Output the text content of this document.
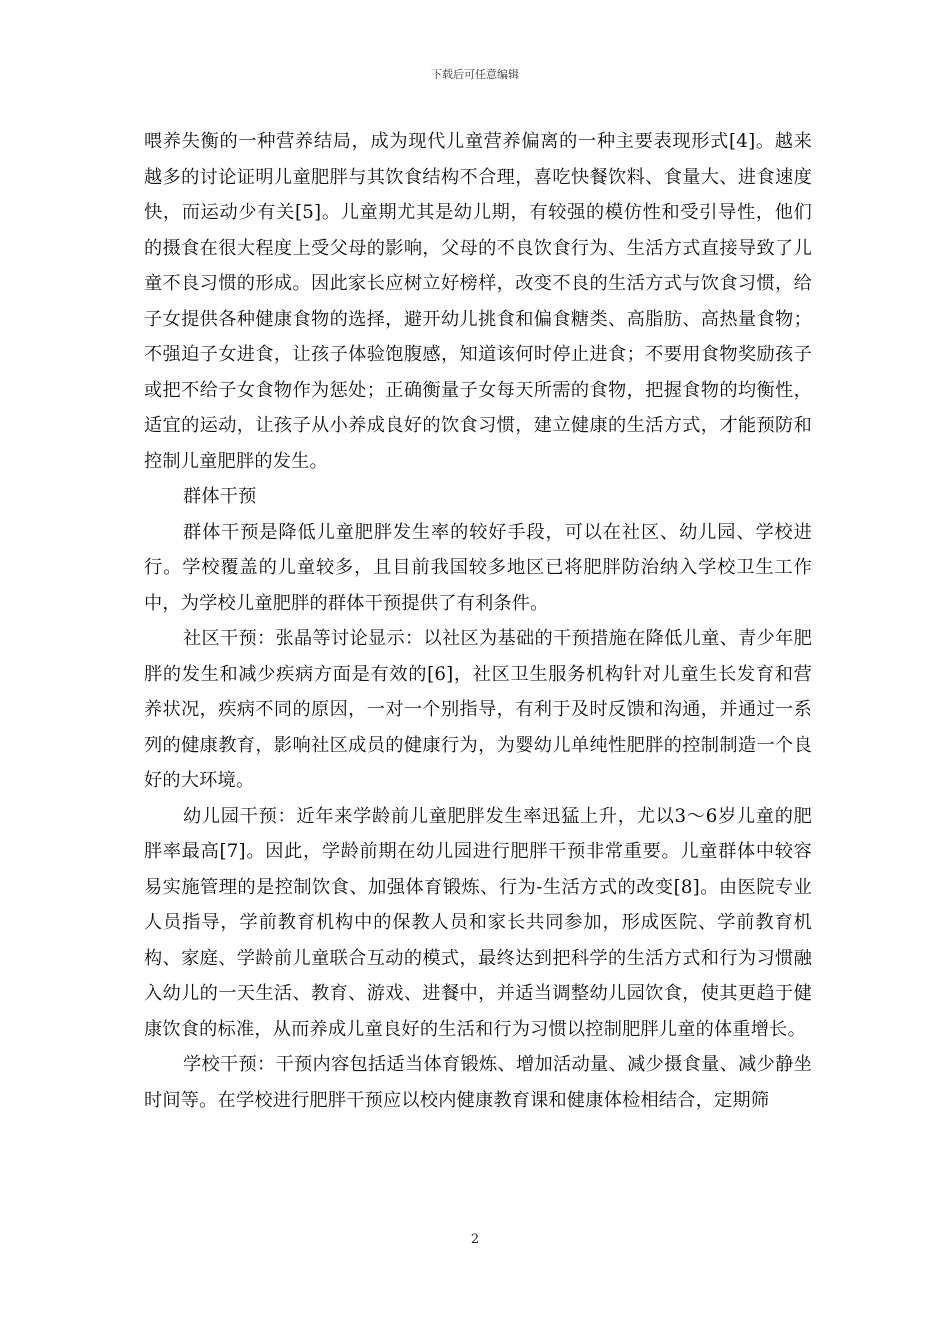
下载后可任意编辑

喂养失衡的一种营养结局，成为现代儿童营养偏离的一种主要表现形式[4]。越来越多的讨论证明儿童肥胖与其饮食结构不合理，喜吃快餐饮料、食量大、进食速度快，而运动少有关[5]。儿童期尤其是幼儿期，有较强的模仿性和受引导性，他们的摄食在很大程度上受父母的影响，父母的不良饮食行为、生活方式直接导致了儿童不良习惯的形成。因此家长应树立好榜样，改变不良的生活方式与饮食习惯，给子女提供各种健康食物的选择，避开幼儿挑食和偏食糖类、高脂肪、高热量食物；不强迫子女进食，让孩子体验饱腹感，知道该何时停止进食；不要用食物奖励孩子或把不给子女食物作为惩处；正确衡量子女每天所需的食物，把握食物的均衡性，适宜的运动，让孩子从小养成良好的饮食习惯，建立健康的生活方式，才能预防和控制儿童肥胖的发生。

群体干预

群体干预是降低儿童肥胖发生率的较好手段，可以在社区、幼儿园、学校进行。学校覆盖的儿童较多，且目前我国较多地区已将肥胖防治纳入学校卫生工作中，为学校儿童肥胖的群体干预提供了有利条件。

社区干预：张晶等讨论显示：以社区为基础的干预措施在降低儿童、青少年肥胖的发生和减少疾病方面是有效的[6]，社区卫生服务机构针对儿童生长发育和营养状况，疾病不同的原因，一对一个别指导，有利于及时反馈和沟通，并通过一系列的健康教育，影响社区成员的健康行为，为婴幼儿单纯性肥胖的控制制造一个良好的大环境。

幼儿园干预：近年来学龄前儿童肥胖发生率迅猛上升，尤以3～6岁儿童的肥胖率最高[7]。因此，学龄前期在幼儿园进行肥胖干预非常重要。儿童群体中较容易实施管理的是控制饮食、加强体育锻炼、行为-生活方式的改变[8]。由医院专业人员指导，学前教育机构中的保教人员和家长共同参加，形成医院、学前教育机构、家庭、学龄前儿童联合互动的模式，最终达到把科学的生活方式和行为习惯融入幼儿的一天生活、教育、游戏、进餐中，并适当调整幼儿园饮食，使其更趋于健康饮食的标准，从而养成儿童良好的生活和行为习惯以控制肥胖儿童的体重增长。

学校干预：干预内容包括适当体育锻炼、增加活动量、减少摄食量、减少静坐时间等。在学校进行肥胖干预应以校内健康教育课和健康体检相结合，定期筛

2
